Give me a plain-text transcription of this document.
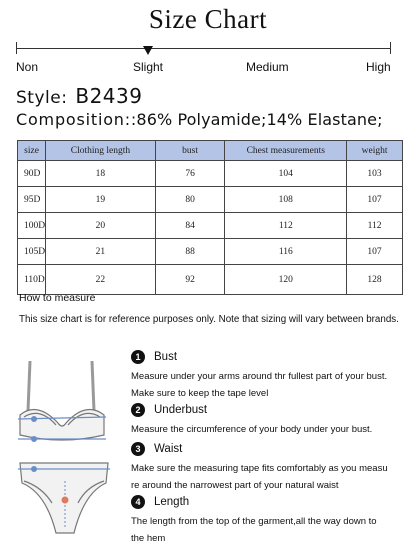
Size Chart
Non	Slight	Medium	High
Style: B2439
Composition::86% Polyamide;14% Elastane;
size	Clothing length	bust	Chest measurements	weight
90D	18	76	104	103
95D	19	80	108	107
100D	20	84	112	112
105D	21	88	116	107
110D	22	92	120	128
How to measure
This size chart is for reference purposes only. Note that sizing will vary between brands.
1	Bust
Measure under your arms around thr fullest part of your bust.
Make sure to keep the tape level
2	Underbust
Measure the circumference of your body under your bust.
3	Waist
Make sure the measuring tape fits comfortably as you measu
re around the narrowest part of your natural waist
4	Length
The length from the top of the garment,all the way down to
the hem
